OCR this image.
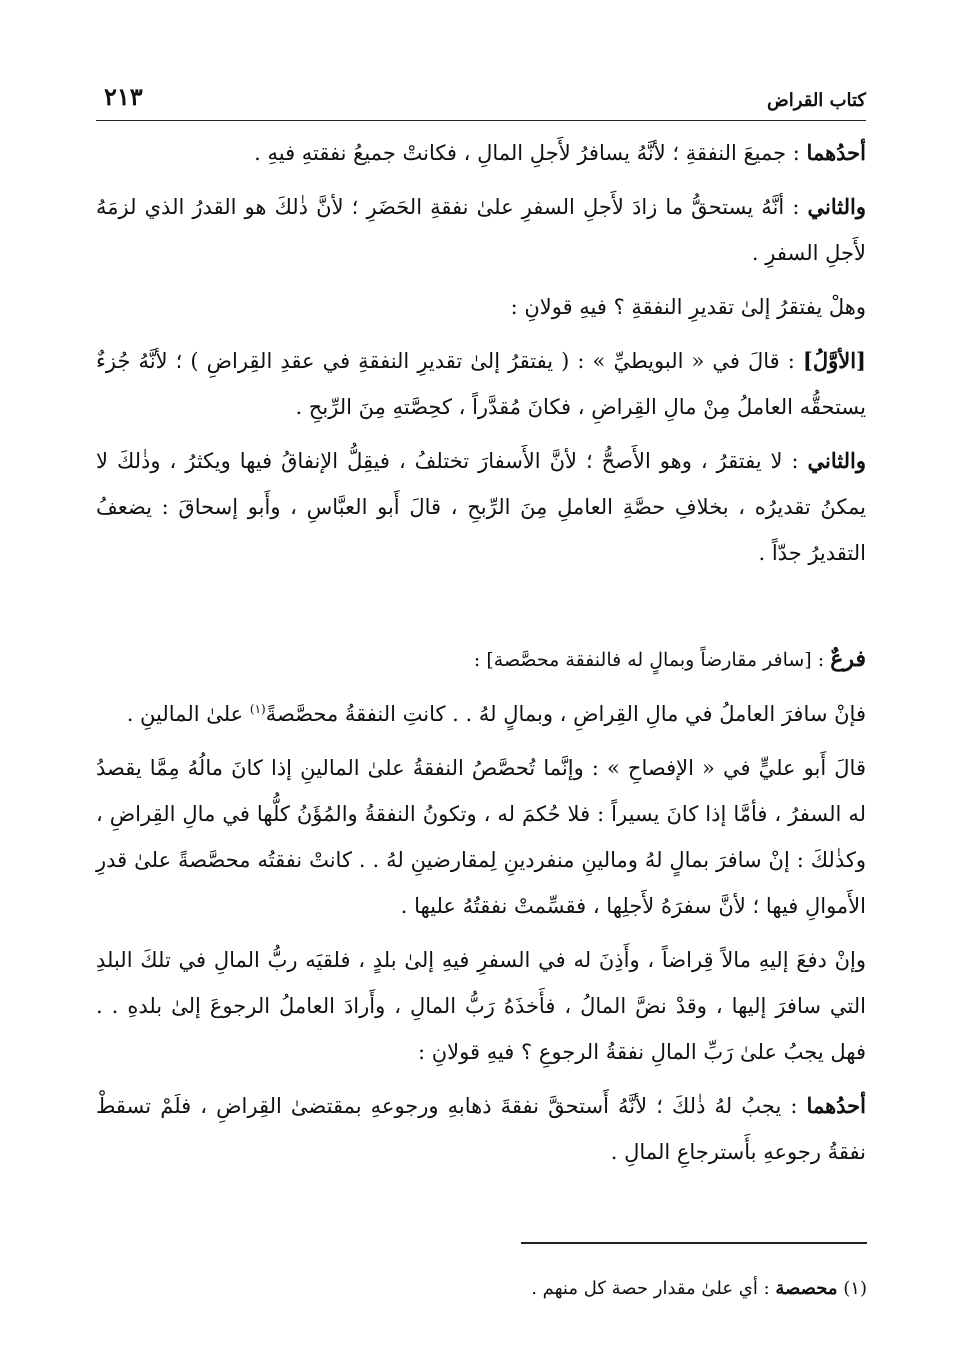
كتاب القراض
٢١٣

أحدُهما : جميعَ النفقةِ ؛ لأنَّهُ يسافرُ لأَجلِ المالِ ، فكانتْ جميعُ نفقتهِ فيهِ .

والثاني : أنَّهُ يستحقُّ ما زادَ لأَجلِ السفرِ علىٰ نفقةِ الحَضَرِ ؛ لأنَّ ذٰلكَ هو القدرُ الذي لزمَهُ لأَجلِ السفرِ .

وهلْ يفتقرُ إلىٰ تقديرِ النفقةِ ؟ فيهِ قولانِ :

[الأوَّلُ] : قالَ في « البويطيِّ » : ( يفتقرُ إلىٰ تقديرِ النفقةِ في عقدِ القِراضِ ) ؛ لأنَّهُ جُزءٌ يستحقُّه العاملُ مِنْ مالِ القِراضِ ، فكانَ مُقدَّراً ، كحِصَّتهِ مِنَ الرِّبحِ .

والثاني : لا يفتقرُ ، وهو الأَصحُّ ؛ لأنَّ الأَسفارَ تختلفُ ، فيقِلُّ الإنفاقُ فيها ويكثرُ ، وذٰلكَ لا يمكنُ تقديرُه ، بخلافِ حصَّةِ العاملِ مِنَ الرِّبحِ ، قالَ أَبو العبَّاسِ ، وأَبو إسحاقَ : يضعفُ التقديرُ جدّاً .

فرعٌ : [سافر مقارضاً وبمالٍ له فالنفقة محصَّصة] :

فإنْ سافرَ العاملُ في مالِ القِراضِ ، وبمالٍ لهُ . . كانتِ النفقةُ محصَّصةً$^{(١)}$ علىٰ المالينِ .

قالَ أَبو عليٍّ في « الإفصاحِ » : وإنَّما تُحصَّصُ النفقةُ علىٰ المالينِ إذا كانَ مالُهُ مِمَّا يقصدُ له السفرُ ، فأمَّا إذا كانَ يسيراً : فلا حُكمَ له ، وتكونُ النفقةُ والمُؤَنُ كلُّها في مالِ القِراضِ ، وكذٰلكَ : إنْ سافرَ بمالٍ لهُ ومالينِ منفردينِ لِمقارضينِ لهُ . . كانتْ نفقتُه محصَّصةً علىٰ قدرِ الأَموالِ فيها ؛ لأنَّ سفرَهُ لأَجلِها ، فقسِّمتْ نفقتُهُ عليها .

وإنْ دفعَ إليهِ مالاً قِراضاً ، وأَذِنَ له في السفرِ فيهِ إلىٰ بلدٍ ، فلقيَه ربُّ المالِ في تلكَ البلدِ التي سافرَ إليها ، وقدْ نضَّ المالُ ، فأَخذَهُ رَبُّ المالِ ، وأَرادَ العاملُ الرجوعَ إلىٰ بلدهِ . . فهل يجبُ علىٰ رَبِّ المالِ نفقةُ الرجوعِ ؟ فيهِ قولانِ :

أحدُهما : يجبُ لهُ ذٰلكَ ؛ لأنَّهُ أَستحقَّ نفقةَ ذهابهِ ورجوعهِ بمقتضىٰ القِراضِ ، فلَمْ تسقطْ نفقةُ رجوعهِ بأَسترجاعِ المالِ .

(١) محصصة : أي علىٰ مقدار حصة كل منهم .
